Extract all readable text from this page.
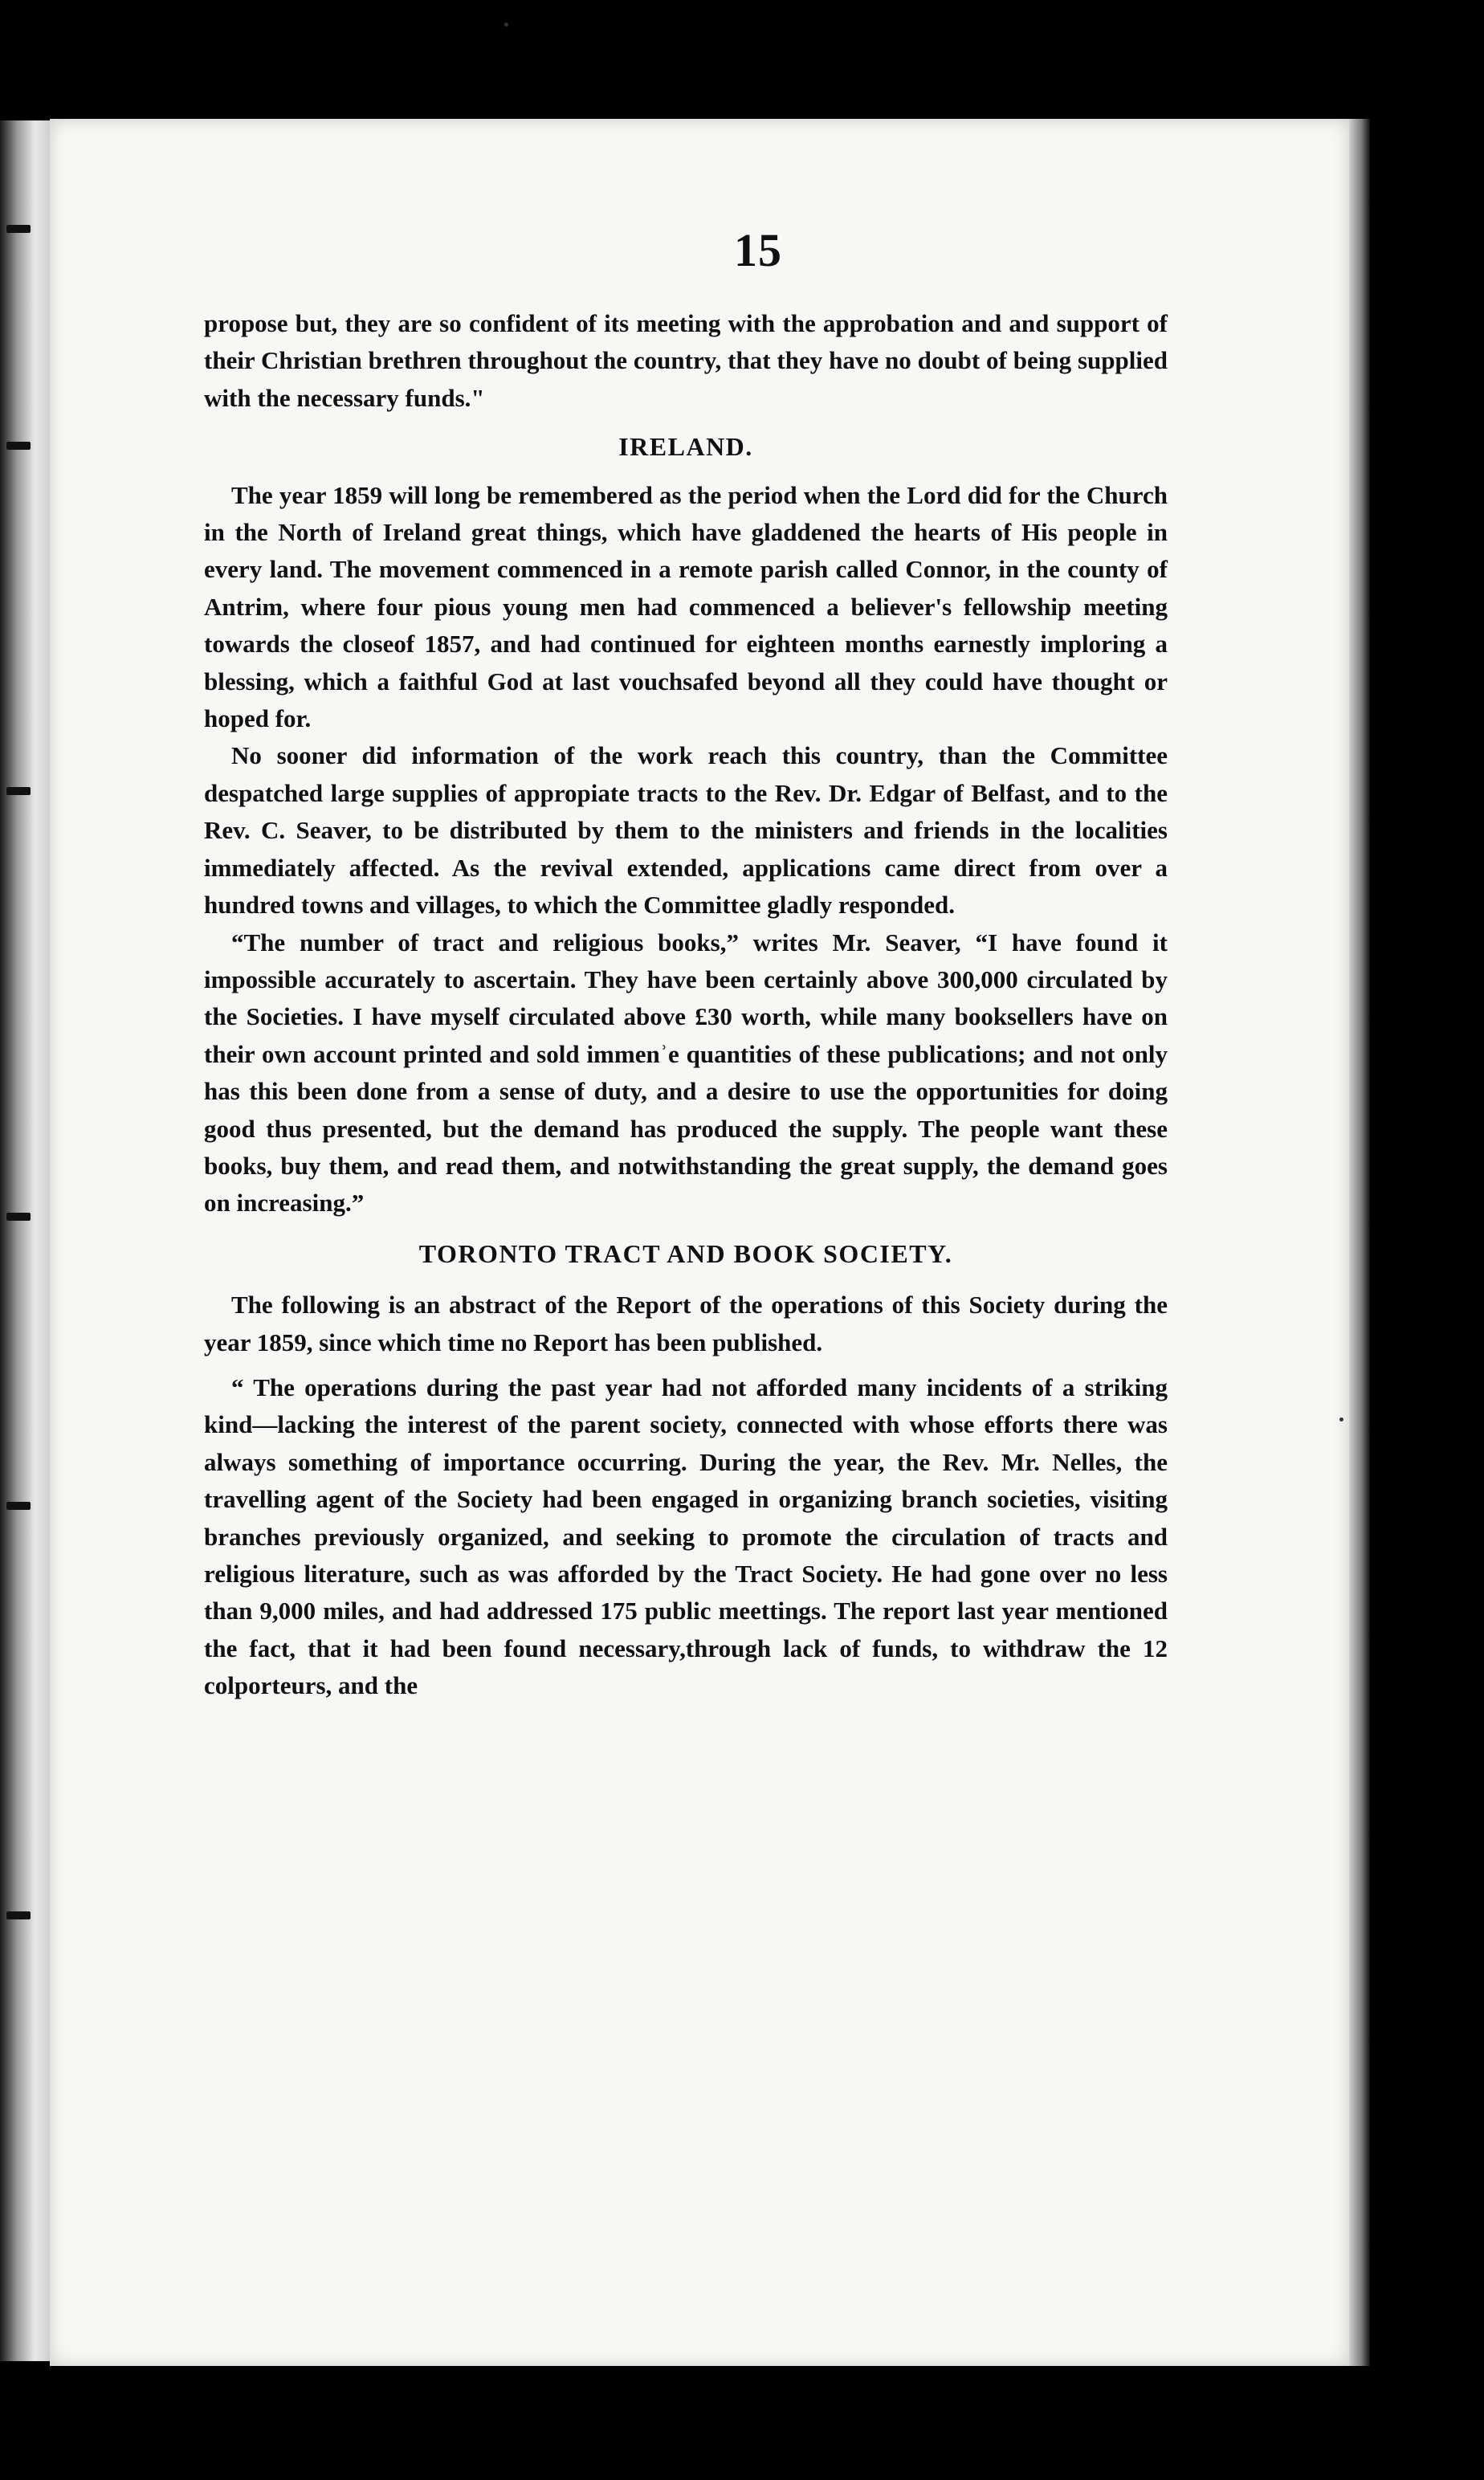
15

propose but, they are so confident of its meeting with the approbation and and support of their Christian brethren throughout the country, that they have no doubt of being supplied with the necessary funds."

IRELAND.

The year 1859 will long be remembered as the period when the Lord did for the Church in the North of Ireland great things, which have gladdened the hearts of His people in every land. The movement commenced in a remote parish called Connor, in the county of Antrim, where four pious young men had commenced a believer's fellowship meeting towards the closeof 1857, and had continued for eighteen months earnestly imploring a blessing, which a faithful God at last vouchsafed beyond all they could have thought or hoped for.

No sooner did information of the work reach this country, than the Committee despatched large supplies of appropiate tracts to the Rev. Dr. Edgar of Belfast, and to the Rev. C. Seaver, to be distributed by them to the ministers and friends in the localities immediately affected. As the revival extended, applications came direct from over a hundred towns and villages, to which the Committee gladly responded.

“The number of tract and religious books,” writes Mr. Seaver, “I have found it impossible accurately to ascertain. They have been certainly above 300,000 circulated by the Societies. I have myself circulated above £30 worth, while many booksellers have on their own account printed and sold immenʾe quantities of these publications; and not only has this been done from a sense of duty, and a desire to use the opportunities for doing good thus presented, but the demand has produced the supply. The people want these books, buy them, and read them, and notwithstanding the great supply, the demand goes on increasing.”

TORONTO TRACT AND BOOK SOCIETY.

The following is an abstract of the Report of the operations of this Society during the year 1859, since which time no Report has been published.

“ The operations during the past year had not afforded many incidents of a striking kind—lacking the interest of the parent society, connected with whose efforts there was always something of importance occurring. During the year, the Rev. Mr. Nelles, the travelling agent of the Society had been engaged in organizing branch societies, visiting branches previously organized, and seeking to promote the circulation of tracts and religious literature, such as was afforded by the Tract Society. He had gone over no less than 9,000 miles, and had addressed 175 public meettings. The report last year mentioned the fact, that it had been found necessary,through lack of funds, to withdraw the 12 colporteurs, and the
